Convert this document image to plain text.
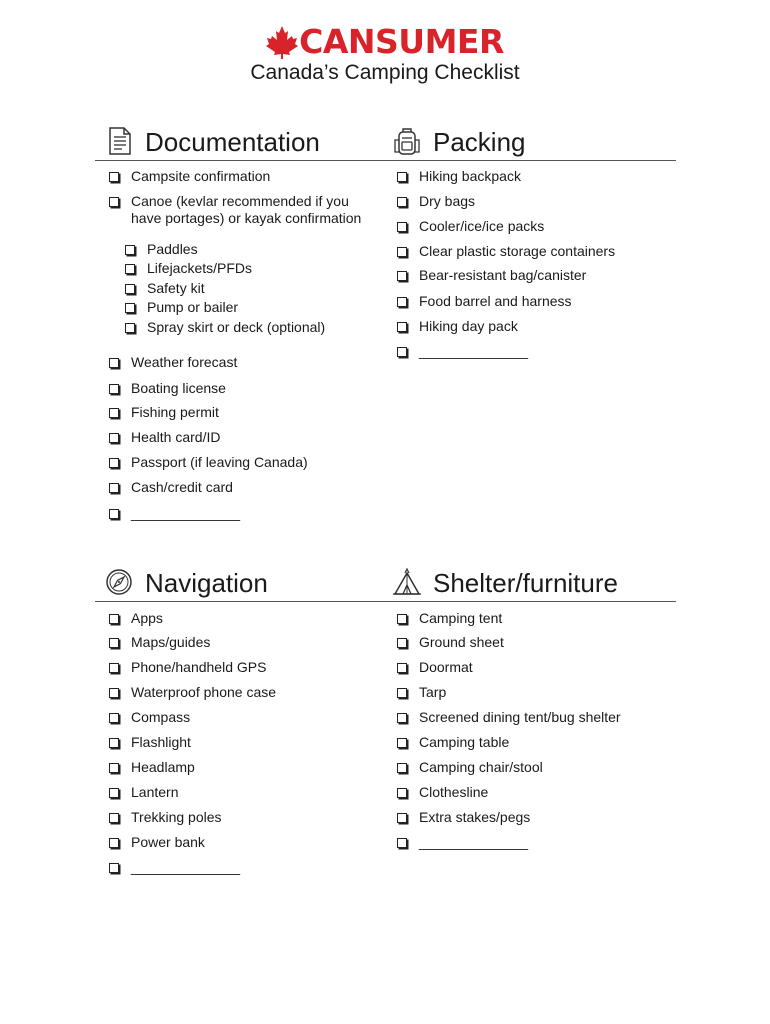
CANSUMER
Canada’s Camping Checklist
Documentation
Campsite confirmation
Canoe (kevlar recommended if you
have portages) or kayak confirmation
Paddles
Lifejackets/PFDs
Safety kit
Pump or bailer
Spray skirt or deck (optional)
Weather forecast
Boating license
Fishing permit
Health card/ID
Passport (if leaving Canada)
Cash/credit card
______________
Packing
Hiking backpack
Dry bags
Cooler/ice/ice packs
Clear plastic storage containers
Bear-resistant bag/canister
Food barrel and harness
Hiking day pack
______________
Navigation
Apps
Maps/guides
Phone/handheld GPS
Waterproof phone case
Compass
Flashlight
Headlamp
Lantern
Trekking poles
Power bank
______________
Shelter/furniture
Camping tent
Ground sheet
Doormat
Tarp
Screened dining tent/bug shelter
Camping table
Camping chair/stool
Clothesline
Extra stakes/pegs
______________
